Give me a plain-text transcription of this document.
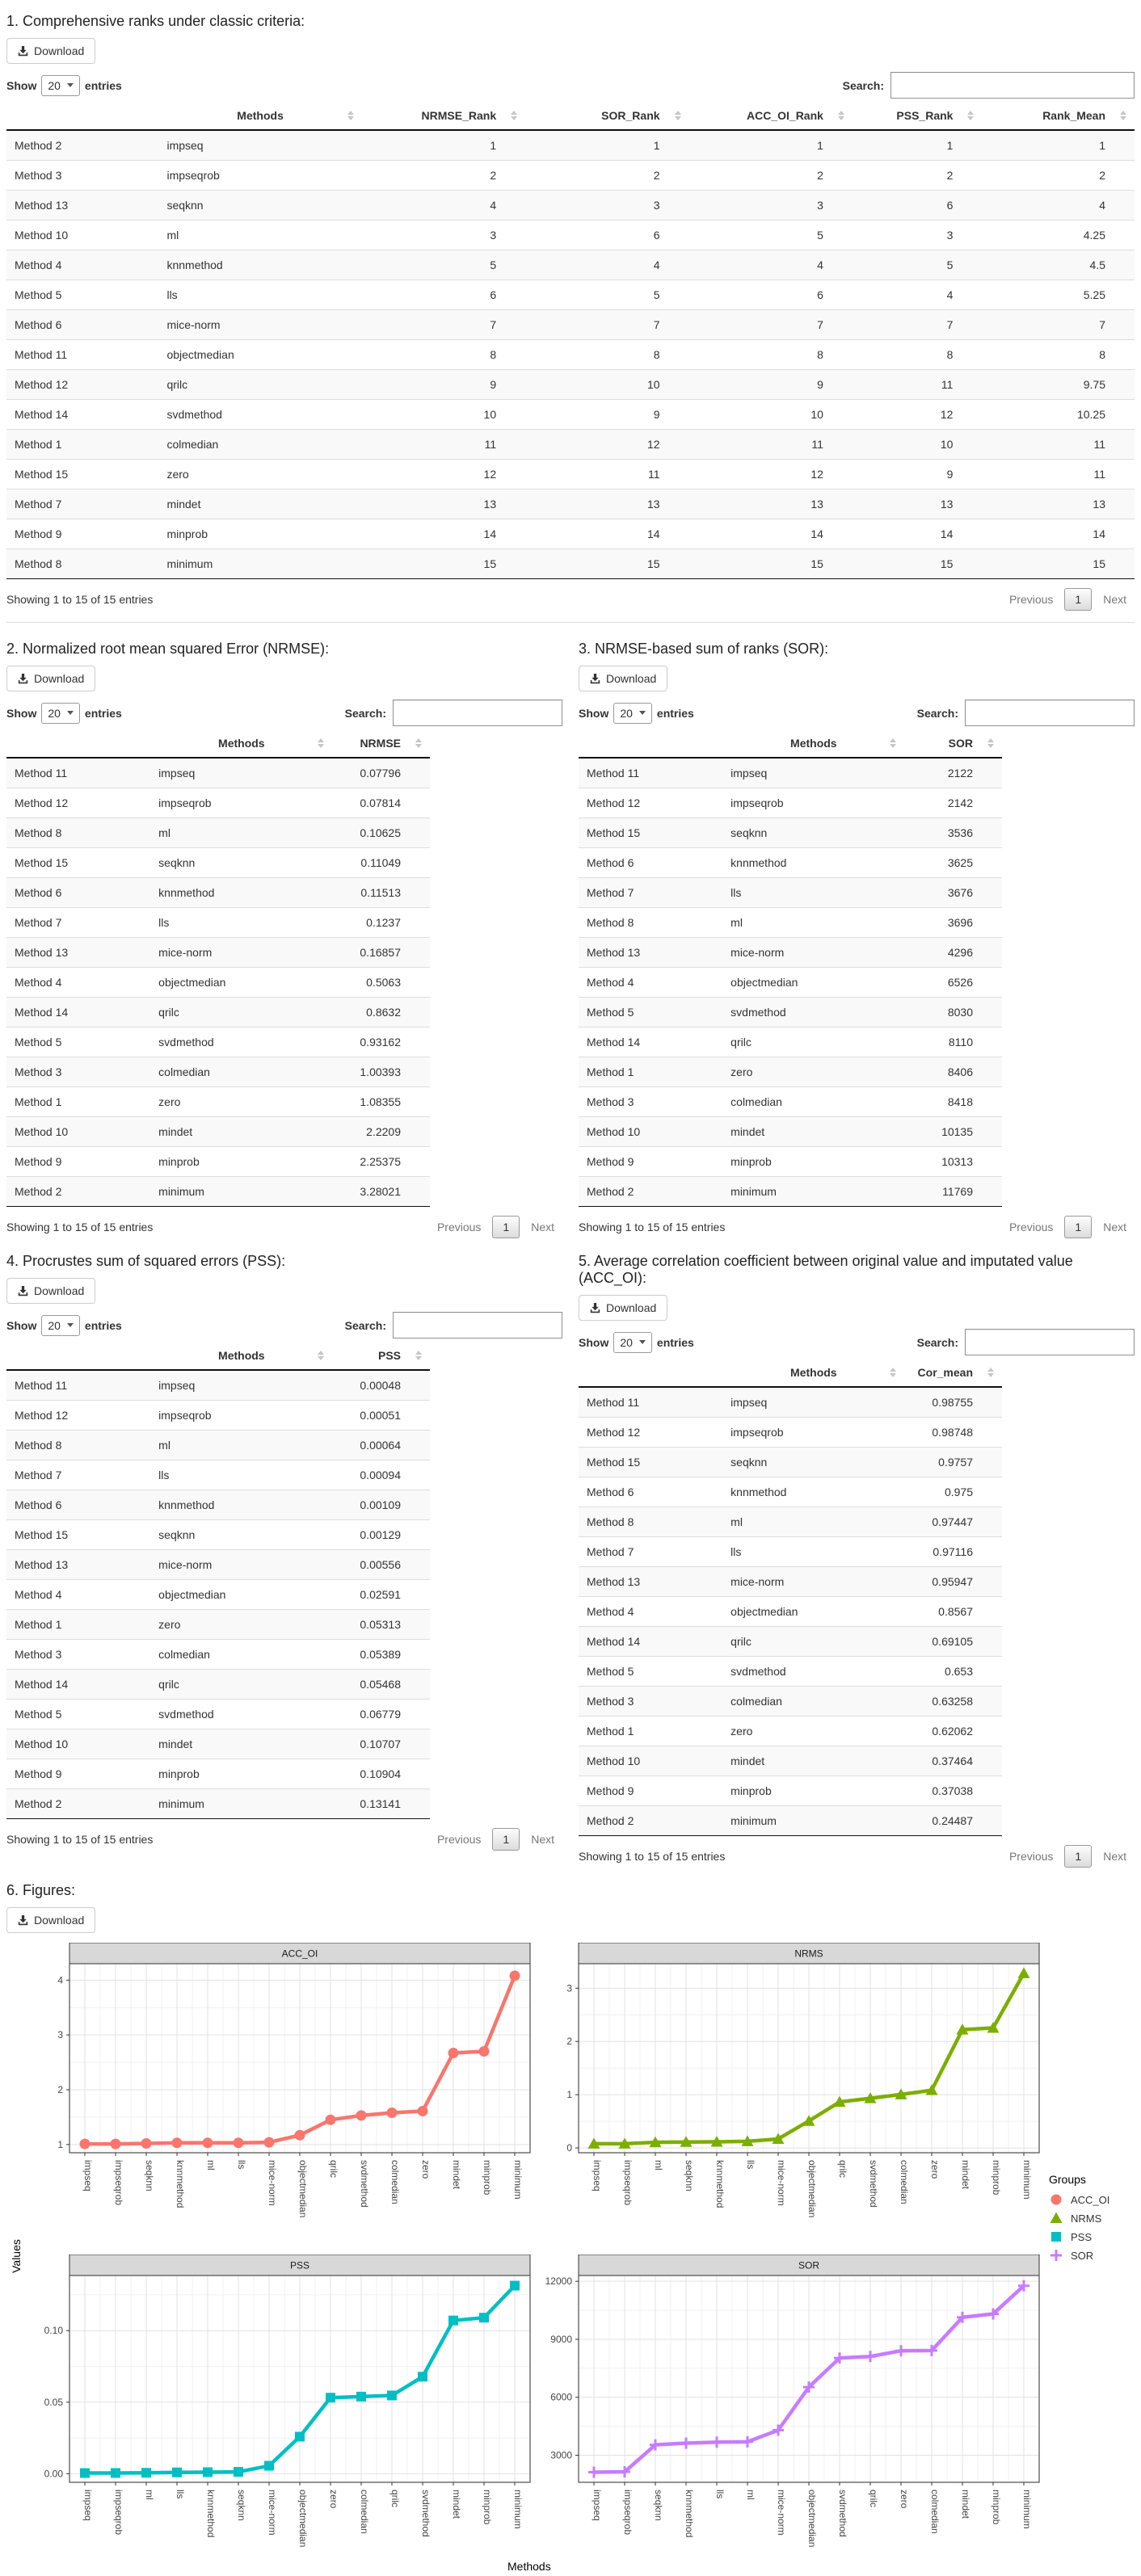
1. Comprehensive ranks under classic criteria:
Download
Show 20 entries	Search:
	Methods	NRMSE_Rank	SOR_Rank	ACC_OI_Rank	PSS_Rank	Rank_Mean

Method 2	impseq	1	1	1	1	1
Method 3	impseqrob	2	2	2	2	2
Method 13	seqknn	4	3	3	6	4
Method 10	ml	3	6	5	3	4.25
Method 4	knnmethod	5	4	4	5	4.5
Method 5	lls	6	5	6	4	5.25
Method 6	mice-norm	7	7	7	7	7
Method 11	objectmedian	8	8	8	8	8
Method 12	qrilc	9	10	9	11	9.75
Method 14	svdmethod	10	9	10	12	10.25
Method 1	colmedian	11	12	11	10	11
Method 15	zero	12	11	12	9	11
Method 7	mindet	13	13	13	13	13
Method 9	minprob	14	14	14	14	14
Method 8	minimum	15	15	15	15	15
Showing 1 to 15 of 15 entries	Previous	1	Next
2. Normalized root mean squared Error (NRMSE):
Download
Show 20 entries	Search:
	Methods	NRMSE

Method 11	impseq	0.07796
Method 12	impseqrob	0.07814
Method 8	ml	0.10625
Method 15	seqknn	0.11049
Method 6	knnmethod	0.11513
Method 7	lls	0.1237
Method 13	mice-norm	0.16857
Method 4	objectmedian	0.5063
Method 14	qrilc	0.8632
Method 5	svdmethod	0.93162
Method 3	colmedian	1.00393
Method 1	zero	1.08355
Method 10	mindet	2.2209
Method 9	minprob	2.25375
Method 2	minimum	3.28021
Showing 1 to 15 of 15 entries	Previous	1	Next
3. NRMSE-based sum of ranks (SOR):
Download
Show 20 entries	Search:
	Methods	SOR

Method 11	impseq	2122
Method 12	impseqrob	2142
Method 15	seqknn	3536
Method 6	knnmethod	3625
Method 7	lls	3676
Method 8	ml	3696
Method 13	mice-norm	4296
Method 4	objectmedian	6526
Method 5	svdmethod	8030
Method 14	qrilc	8110
Method 1	zero	8406
Method 3	colmedian	8418
Method 10	mindet	10135
Method 9	minprob	10313
Method 2	minimum	11769
Showing 1 to 15 of 15 entries	Previous	1	Next
4. Procrustes sum of squared errors (PSS):
Download
Show 20 entries	Search:
	Methods	PSS

Method 11	impseq	0.00048
Method 12	impseqrob	0.00051
Method 8	ml	0.00064
Method 7	lls	0.00094
Method 6	knnmethod	0.00109
Method 15	seqknn	0.00129
Method 13	mice-norm	0.00556
Method 4	objectmedian	0.02591
Method 1	zero	0.05313
Method 3	colmedian	0.05389
Method 14	qrilc	0.05468
Method 5	svdmethod	0.06779
Method 10	mindet	0.10707
Method 9	minprob	0.10904
Method 2	minimum	0.13141
Showing 1 to 15 of 15 entries	Previous	1	Next
5. Average correlation coefficient between original value and imputated value (ACC_OI):
Download
Show 20 entries	Search:
	Methods	Cor_mean

Method 11	impseq	0.98755
Method 12	impseqrob	0.98748
Method 15	seqknn	0.9757
Method 6	knnmethod	0.975
Method 8	ml	0.97447
Method 7	lls	0.97116
Method 13	mice-norm	0.95947
Method 4	objectmedian	0.8567
Method 14	qrilc	0.69105
Method 5	svdmethod	0.653
Method 3	colmedian	0.63258
Method 1	zero	0.62062
Method 10	mindet	0.37464
Method 9	minprob	0.37038
Method 2	minimum	0.24487
Showing 1 to 15 of 15 entries	Previous	1	Next
6. Figures:
Download
Values
ACC_OI
1
2
3
4
impseq impseqrob seqknn knnmethod ml lls mice-norm objectmedian qrilc svdmethod colmedian zero mindet minprob minimum
NRMS
0
1
2
3
impseq impseqrob ml seqknn knnmethod lls mice-norm objectmedian qrilc svdmethod colmedian zero mindet minprob minimum
PSS
0.00
0.05
0.10
impseq impseqrob ml lls knnmethod seqknn mice-norm objectmedian zero colmedian qrilc svdmethod mindet minprob minimum
SOR
3000
6000
9000
12000
impseq impseqrob seqknn knnmethod lls ml mice-norm objectmedian svdmethod qrilc zero colmedian mindet minprob minimum
Groups
ACC_OI
NRMS
PSS
SOR
Methods
